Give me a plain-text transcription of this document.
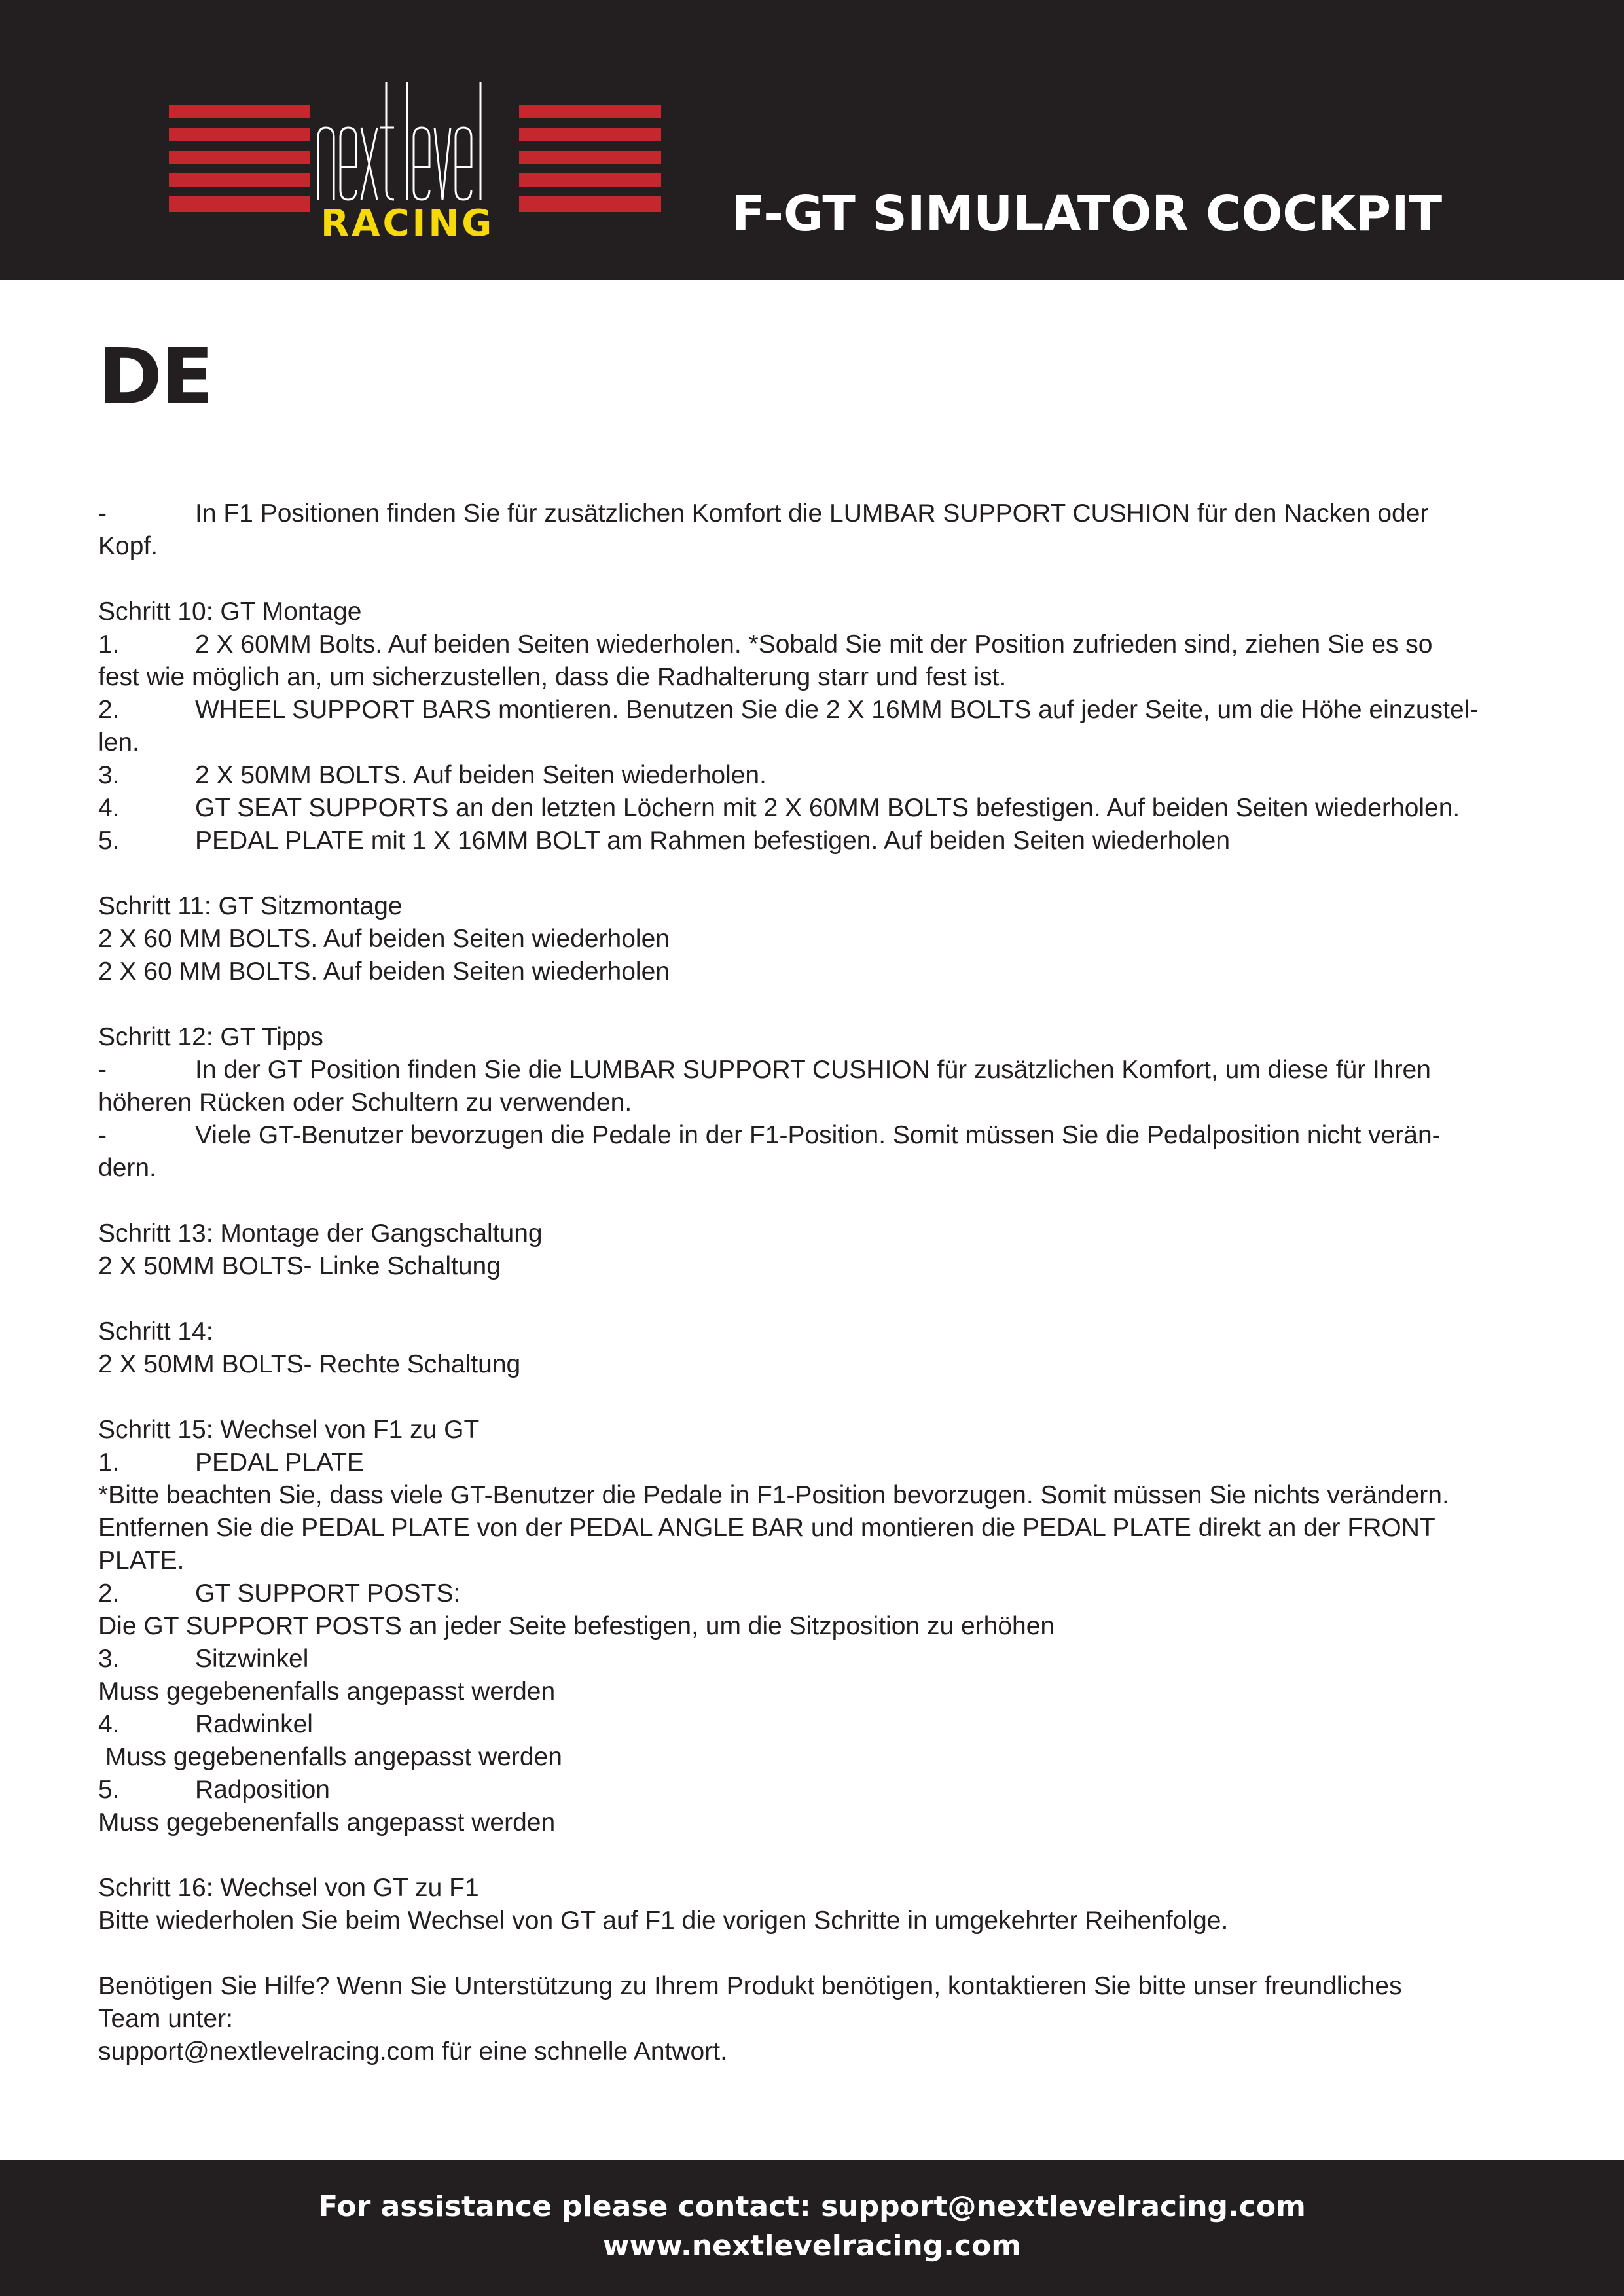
RACING	F-GT SIMULATOR COCKPIT
DE
-	In F1 Positionen finden Sie für zusätzlichen Komfort die LUMBAR SUPPORT CUSHION für den Nacken oder
Kopf.
Schritt 10: GT Montage
1.	2 X 60MM Bolts. Auf beiden Seiten wiederholen. *Sobald Sie mit der Position zufrieden sind, ziehen Sie es so
fest wie möglich an, um sicherzustellen, dass die Radhalterung starr und fest ist.
2.	WHEEL SUPPORT BARS montieren. Benutzen Sie die 2 X 16MM BOLTS auf jeder Seite, um die Höhe einzustel-
len.
3.	2 X 50MM BOLTS. Auf beiden Seiten wiederholen.
4.	GT SEAT SUPPORTS an den letzten Löchern mit 2 X 60MM BOLTS befestigen. Auf beiden Seiten wiederholen.
5.	PEDAL PLATE mit 1 X 16MM BOLT am Rahmen befestigen. Auf beiden Seiten wiederholen
Schritt 11: GT Sitzmontage
2 X 60 MM BOLTS. Auf beiden Seiten wiederholen
2 X 60 MM BOLTS. Auf beiden Seiten wiederholen
Schritt 12: GT Tipps
-	In der GT Position finden Sie die LUMBAR SUPPORT CUSHION für zusätzlichen Komfort, um diese für Ihren
höheren Rücken oder Schultern zu verwenden.
-	Viele GT-Benutzer bevorzugen die Pedale in der F1-Position. Somit müssen Sie die Pedalposition nicht verän-
dern.
Schritt 13: Montage der Gangschaltung
2 X 50MM BOLTS- Linke Schaltung
Schritt 14:
2 X 50MM BOLTS- Rechte Schaltung
Schritt 15: Wechsel von F1 zu GT
1.	PEDAL PLATE
*Bitte beachten Sie, dass viele GT-Benutzer die Pedale in F1-Position bevorzugen. Somit müssen Sie nichts verändern.
Entfernen Sie die PEDAL PLATE von der PEDAL ANGLE BAR und montieren die PEDAL PLATE direkt an der FRONT
PLATE.
2.	GT SUPPORT POSTS:
Die GT SUPPORT POSTS an jeder Seite befestigen, um die Sitzposition zu erhöhen
3.	Sitzwinkel
Muss gegebenenfalls angepasst werden
4.	Radwinkel
Muss gegebenenfalls angepasst werden
5.	Radposition
Muss gegebenenfalls angepasst werden
Schritt 16: Wechsel von GT zu F1
Bitte wiederholen Sie beim Wechsel von GT auf F1 die vorigen Schritte in umgekehrter Reihenfolge.
Benötigen Sie Hilfe? Wenn Sie Unterstützung zu Ihrem Produkt benötigen, kontaktieren Sie bitte unser freundliches
Team unter:
support@nextlevelracing.com für eine schnelle Antwort.
For assistance please contact: support@nextlevelracing.com
www.nextlevelracing.com
